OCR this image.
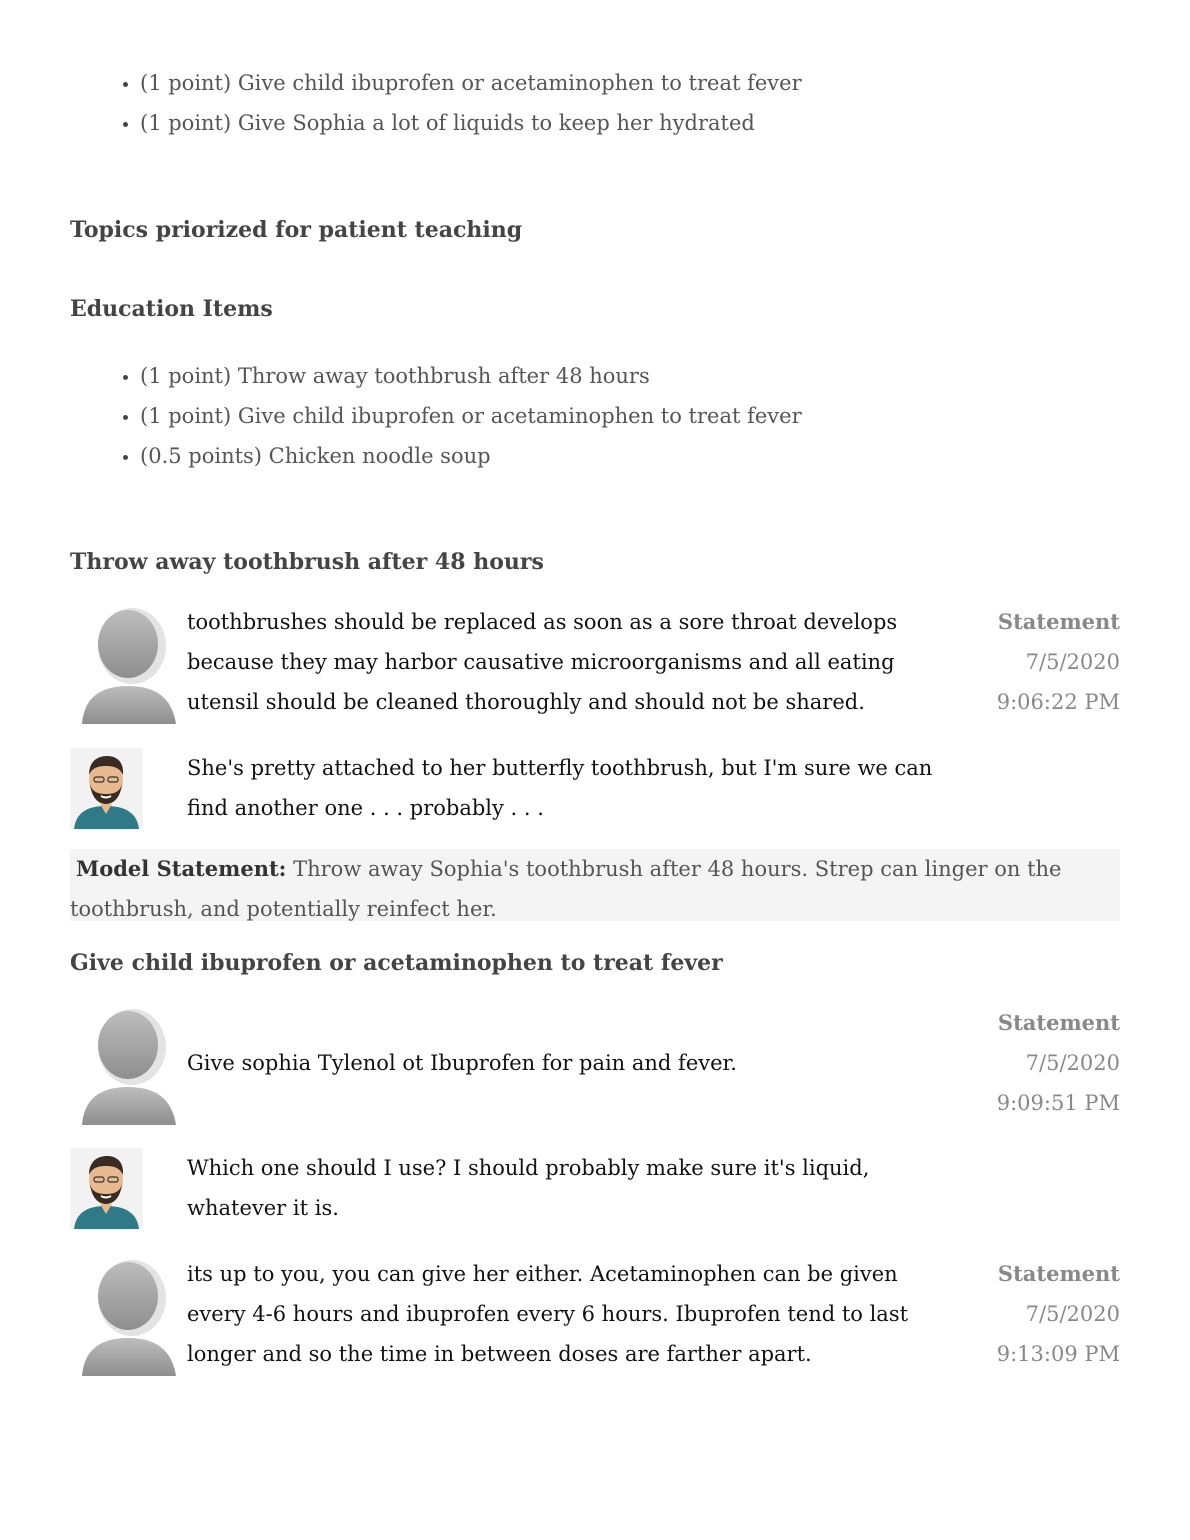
• (1 point) Give child ibuprofen or acetaminophen to treat fever
• (1 point) Give Sophia a lot of liquids to keep her hydrated
Topics priorized for patient teaching
Education Items
• (1 point) Throw away toothbrush after 48 hours
• (1 point) Give child ibuprofen or acetaminophen to treat fever
• (0.5 points) Chicken noodle soup
Throw away toothbrush after 48 hours
toothbrushes should be replaced as soon as a sore throat develops because they may harbor causative microorganisms and all eating utensil should be cleaned thoroughly and should not be shared.
Statement
7/5/2020
9:06:22 PM
She's pretty attached to her butterfly toothbrush, but I'm sure we can find another one . . . probably . . .
Model Statement: Throw away Sophia's toothbrush after 48 hours. Strep can linger on the toothbrush, and potentially reinfect her.
Give child ibuprofen or acetaminophen to treat fever
Give sophia Tylenol ot Ibuprofen for pain and fever.
Statement
7/5/2020
9:09:51 PM
Which one should I use? I should probably make sure it's liquid, whatever it is.
its up to you, you can give her either. Acetaminophen can be given every 4-6 hours and ibuprofen every 6 hours. Ibuprofen tend to last longer and so the time in between doses are farther apart.
Statement
7/5/2020
9:13:09 PM
